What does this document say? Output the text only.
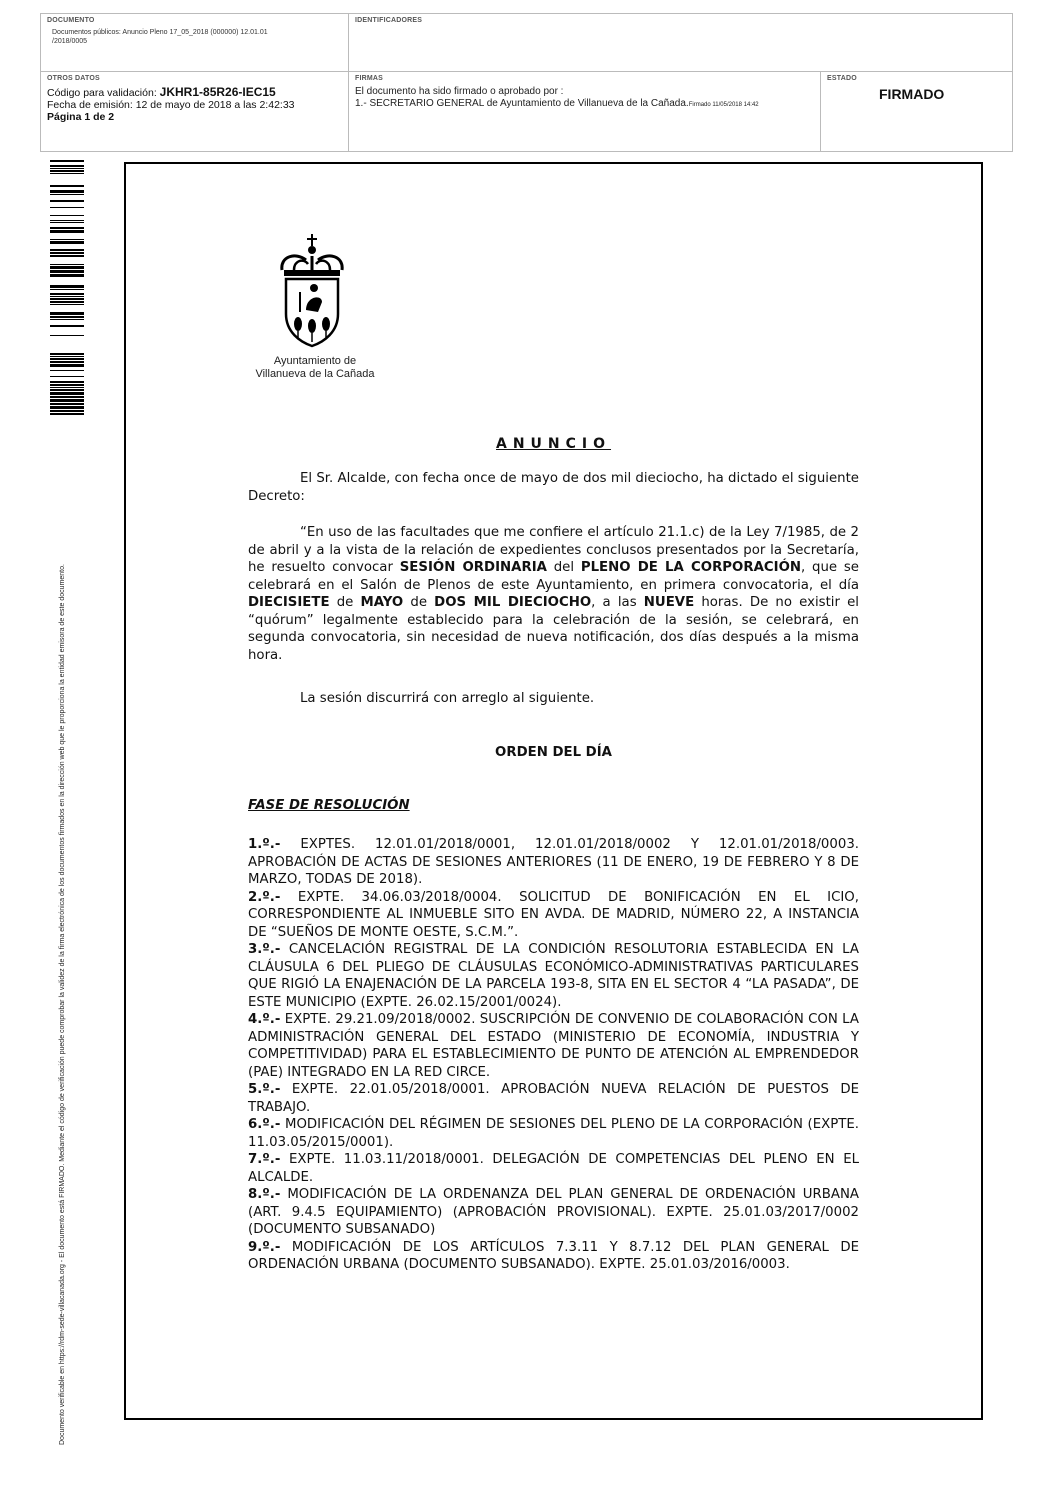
DOCUMENTO
Documentos públicos: Anuncio Pleno 17_05_2018 (000000) 12.01.01 /2018/0005
IDENTIFICADORES
OTROS DATOS
Código para validación: JKHR1-85R26-IEC15
Fecha de emisión: 12 de mayo de 2018 a las 2:42:33
Página 1 de 2
FIRMAS
El documento ha sido firmado o aprobado por :
1.- SECRETARIO GENERAL de Ayuntamiento de Villanueva de la Cañada.Firmado 11/05/2018 14:42
ESTADO
FIRMADO
Documento verificable en https://rdm-sede-villacanada.org - El documento está FIRMADO. Mediante el código de verificación puede comprobar la validez de la firma electrónica de los documentos firmados en la dirección web que le proporciona la entidad emisora de este documento.
Ayuntamiento de
Villanueva de la Cañada
ANUNCIO

El Sr. Alcalde, con fecha once de mayo de dos mil dieciocho, ha dictado el siguiente Decreto:

“En uso de las facultades que me confiere el artículo 21.1.c) de la Ley 7/1985, de 2 de abril y a la vista de la relación de expedientes conclusos presentados por la Secretaría, he resuelto convocar SESIÓN ORDINARIA del PLENO DE LA CORPORACIÓN, que se celebrará en el Salón de Plenos de este Ayuntamiento, en primera convocatoria, el día DIECISIETE de MAYO de DOS MIL DIECIOCHO, a las NUEVE horas. De no existir el “quórum” legalmente establecido para la celebración de la sesión, se celebrará, en segunda convocatoria, sin necesidad de nueva notificación, dos días después a la misma hora.

La sesión discurrirá con arreglo al siguiente.

ORDEN DEL DÍA
FASE DE RESOLUCIÓN

1.º.- EXPTES. 12.01.01/2018/0001, 12.01.01/2018/0002 Y 12.01.01/2018/0003. APROBACIÓN DE ACTAS DE SESIONES ANTERIORES (11 DE ENERO, 19 DE FEBRERO Y 8 DE MARZO, TODAS DE 2018).

2.º.- EXPTE. 34.06.03/2018/0004. SOLICITUD DE BONIFICACIÓN EN EL ICIO, CORRESPONDIENTE AL INMUEBLE SITO EN AVDA. DE MADRID, NÚMERO 22, A INSTANCIA DE “SUEÑOS DE MONTE OESTE, S.C.M.”.

3.º.- CANCELACIÓN REGISTRAL DE LA CONDICIÓN RESOLUTORIA ESTABLECIDA EN LA CLÁUSULA 6 DEL PLIEGO DE CLÁUSULAS ECONÓMICO-ADMINISTRATIVAS PARTICULARES QUE RIGIÓ LA ENAJENACIÓN DE LA PARCELA 193-8, SITA EN EL SECTOR 4 “LA PASADA”, DE ESTE MUNICIPIO (EXPTE. 26.02.15/2001/0024).

4.º.- EXPTE. 29.21.09/2018/0002. SUSCRIPCIÓN DE CONVENIO DE COLABORACIÓN CON LA ADMINISTRACIÓN GENERAL DEL ESTADO (MINISTERIO DE ECONOMÍA, INDUSTRIA Y COMPETITIVIDAD) PARA EL ESTABLECIMIENTO DE PUNTO DE ATENCIÓN AL EMPRENDEDOR (PAE) INTEGRADO EN LA RED CIRCE.

5.º.- EXPTE. 22.01.05/2018/0001. APROBACIÓN NUEVA RELACIÓN DE PUESTOS DE TRABAJO.

6.º.- MODIFICACIÓN DEL RÉGIMEN DE SESIONES DEL PLENO DE LA CORPORACIÓN (EXPTE. 11.03.05/2015/0001).

7.º.- EXPTE. 11.03.11/2018/0001. DELEGACIÓN DE COMPETENCIAS DEL PLENO EN EL ALCALDE.

8.º.- MODIFICACIÓN DE LA ORDENANZA DEL PLAN GENERAL DE ORDENACIÓN URBANA (ART. 9.4.5 EQUIPAMIENTO) (APROBACIÓN PROVISIONAL). EXPTE. 25.01.03/2017/0002 (DOCUMENTO SUBSANADO)

9.º.- MODIFICACIÓN DE LOS ARTÍCULOS 7.3.11 Y 8.7.12 DEL PLAN GENERAL DE ORDENACIÓN URBANA (DOCUMENTO SUBSANADO). EXPTE. 25.01.03/2016/0003.
